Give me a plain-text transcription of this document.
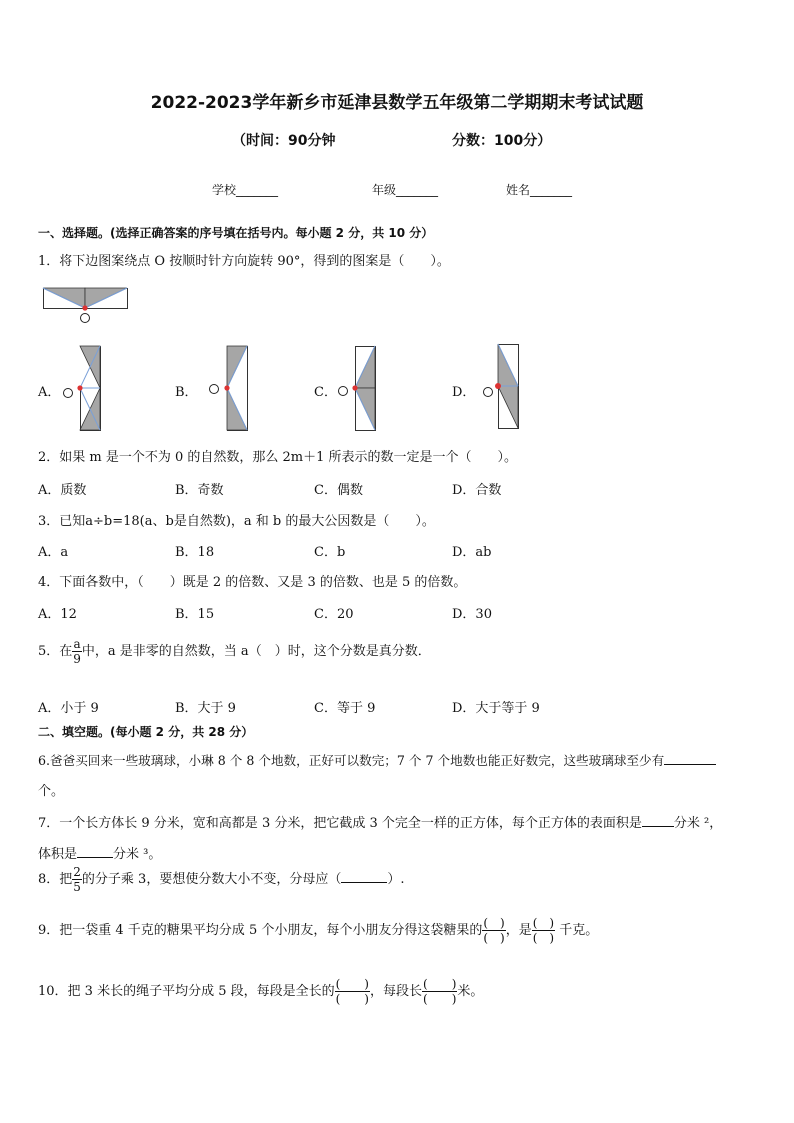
2022-2023学年新乡市延津县数学五年级第二学期期末考试试题
（时间：90分钟	分数：100分）
学校_______	年级_______	姓名_______
一、选择题。(选择正确答案的序号填在括号内。每小题 2 分，共 10 分）
1．将下边图案绕点 O 按顺时针方向旋转 90°，得到的图案是（　　）。
A．	B．	C．	D．
2．如果 m 是一个不为 0 的自然数，那么 2m＋1 所表示的数一定是一个（　　）。
A．质数	B．奇数	C．偶数	D．合数
3．已知a÷b=18(a、b是自然数)，a 和 b 的最大公因数是（　　）。
A．a	B．18	C．b	D．ab
4．下面各数中，（　　）既是 2 的倍数、又是 3 的倍数、也是 5 的倍数。
A．12	B．15	C．20	D．30
5．在 $\frac{a}{9}$ 中，a 是非零的自然数，当 a（　）时，这个分数是真分数．
A．小于 9	B．大于 9	C．等于 9	D．大于等于 9
二、填空题。(每小题 2 分，共 28 分）
6.爸爸买回来一些玻璃球，小琳 8 个 8 个地数，正好可以数完；7 个 7 个地数也能正好数完，这些玻璃球至少有
个。
7．一个长方体长 9 分米，宽和高都是 3 分米，把它截成 3 个完全一样的正方体，每个正方体的表面积是 分米 ²，
体积是	分米 ³。
8．把 $\frac{2}{5}$ 的分子乘 3，要想使分数大小不变，分母应（	）.
9．把一袋重 4 千克的糖果平均分成 5 个小朋友，每个小朋友分得这袋糖果的 $\frac{( )}{( )}$ ，是 $\frac{( )}{( )}$ 千克。
10．把 3 米长的绳子平均分成 5 段，每段是全长的 $\frac{( )}{( )}$ ，每段长 $\frac{( )}{( )}$ 米。
